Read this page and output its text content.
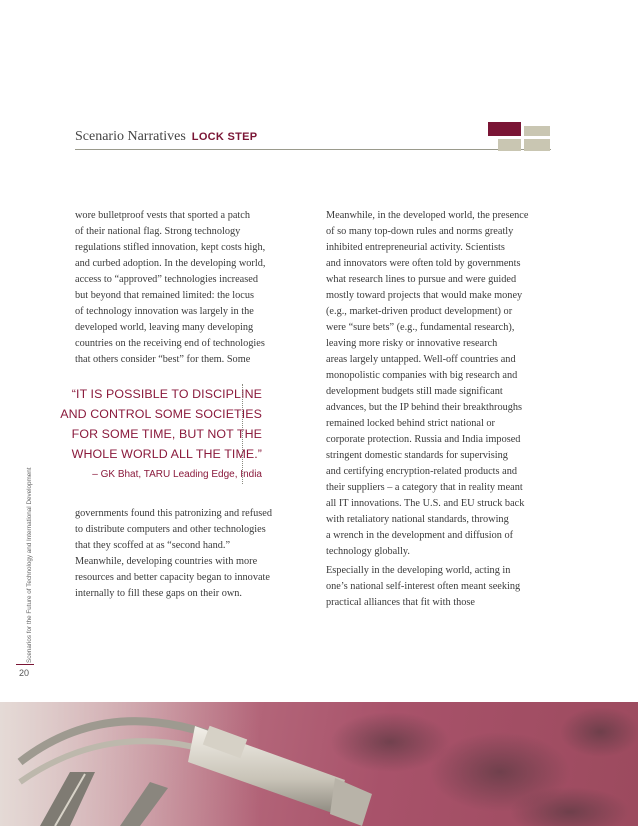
Scenario Narratives LOCK STEP

wore bulletproof vests that sported a patch
of their national flag. Strong technology
regulations stifled innovation, kept costs high,
and curbed adoption. In the developing world,
access to “approved” technologies increased
but beyond that remained limited: the locus
of technology innovation was largely in the
developed world, leaving many developing
countries on the receiving end of technologies
that others consider “best” for them. Some

“IT IS POSSIBLE TO DISCIPLINE
AND CONTROL SOME SOCIETIES
FOR SOME TIME, BUT NOT THE
WHOLE WORLD ALL THE TIME.”
– GK Bhat, TARU Leading Edge, India

governments found this patronizing and refused
to distribute computers and other technologies
that they scoffed at as “second hand.”
Meanwhile, developing countries with more
resources and better capacity began to innovate
internally to fill these gaps on their own.

Meanwhile, in the developed world, the presence
of so many top-down rules and norms greatly
inhibited entrepreneurial activity. Scientists
and innovators were often told by governments
what research lines to pursue and were guided
mostly toward projects that would make money
(e.g., market-driven product development) or
were “sure bets” (e.g., fundamental research),
leaving more risky or innovative research
areas largely untapped. Well-off countries and
monopolistic companies with big research and
development budgets still made significant
advances, but the IP behind their breakthroughs
remained locked behind strict national or
corporate protection. Russia and India imposed
stringent domestic standards for supervising
and certifying encryption-related products and
their suppliers – a category that in reality meant
all IT innovations. The U.S. and EU struck back
with retaliatory national standards, throwing
a wrench in the development and diffusion of
technology globally.

Especially in the developing world, acting in
one’s national self-interest often meant seeking
practical alliances that fit with those

Scenarios for the Future of Technology and International Development
20
